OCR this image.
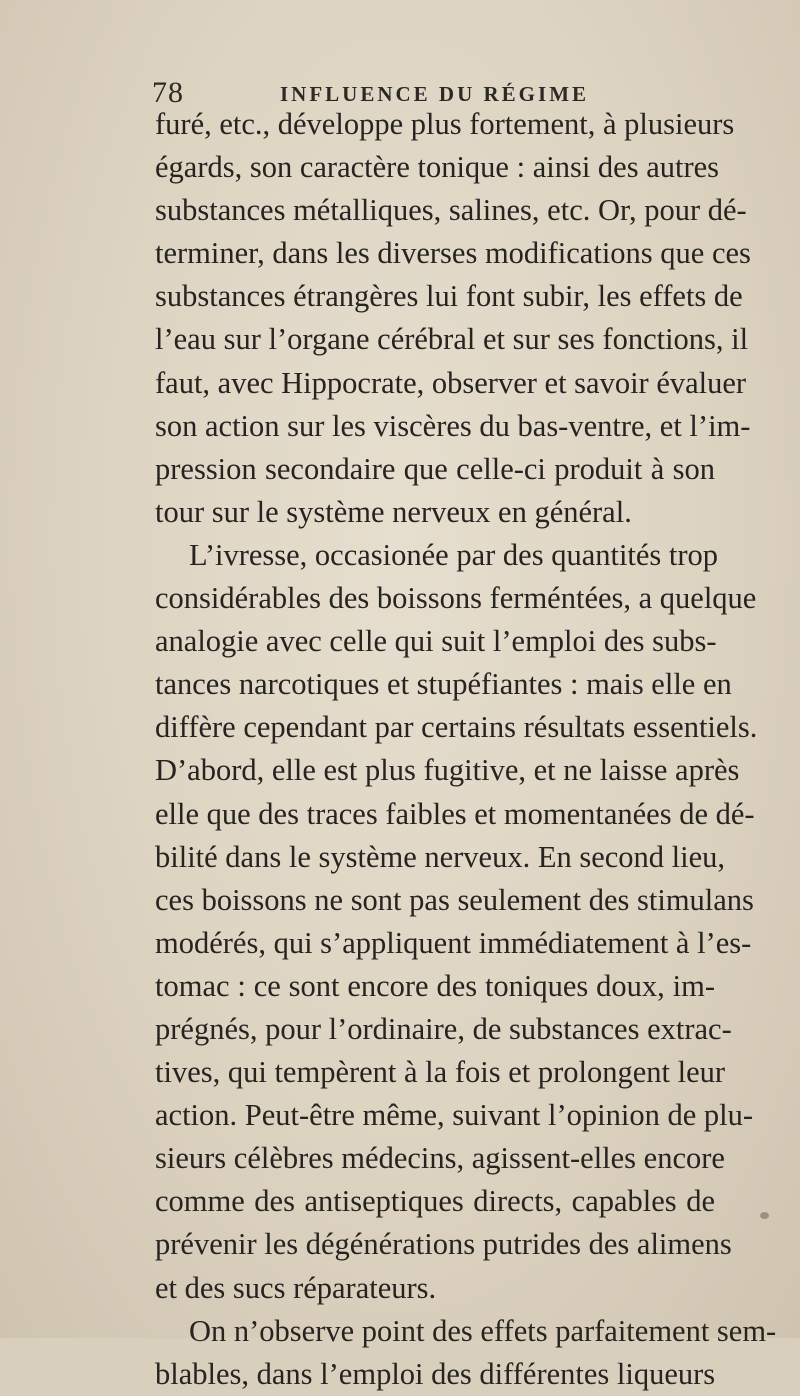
78	INFLUENCE DU RÉGIME
furé, etc., développe plus fortement, à plusieurs
égards, son caractère tonique : ainsi des autres
substances métalliques, salines, etc. Or, pour dé-
terminer, dans les diverses modifications que ces
substances étrangères lui font subir, les effets de
l’eau sur l’organe cérébral et sur ses fonctions, il
faut, avec Hippocrate, observer et savoir évaluer
son action sur les viscères du bas-ventre, et l’im-
pression secondaire que celle-ci produit à son
tour sur le système nerveux en général.
L’ivresse, occasionée par des quantités trop
considérables des boissons ferméntées, a quelque
analogie avec celle qui suit l’emploi des subs-
tances narcotiques et stupéfiantes : mais elle en
diffère cependant par certains résultats essentiels.
D’abord, elle est plus fugitive, et ne laisse après
elle que des traces faibles et momentanées de dé-
bilité dans le système nerveux. En second lieu,
ces boissons ne sont pas seulement des stimulans
modérés, qui s’appliquent immédiatement à l’es-
tomac : ce sont encore des toniques doux, im-
prégnés, pour l’ordinaire, de substances extrac-
tives, qui tempèrent à la fois et prolongent leur
action. Peut-être même, suivant l’opinion de plu-
sieurs célèbres médecins, agissent-elles encore
comme des antiseptiques directs, capables de
prévenir les dégénérations putrides des alimens
et des sucs réparateurs.
On n’observe point des effets parfaitement sem-
blables, dans l’emploi des différentes liqueurs
